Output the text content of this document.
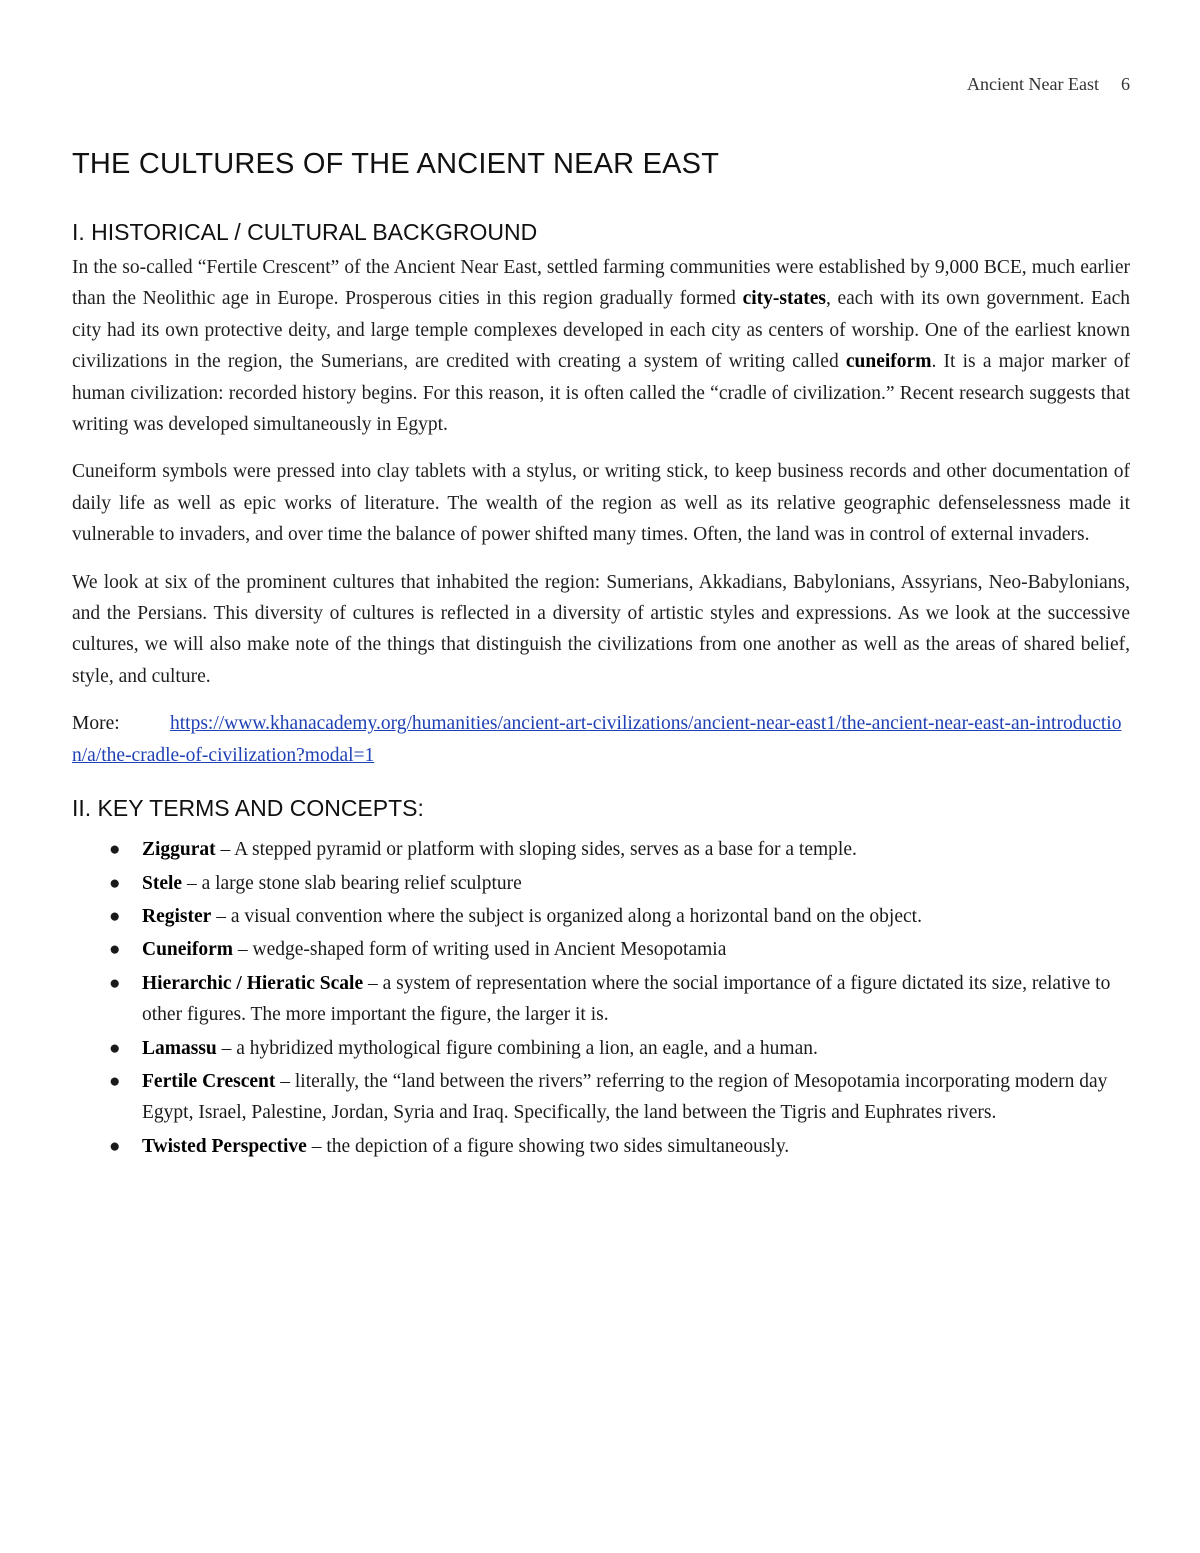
Ancient Near East 6
THE CULTURES OF THE ANCIENT NEAR EAST
I. HISTORICAL / CULTURAL BACKGROUND

In the so-called “Fertile Crescent” of the Ancient Near East, settled farming communities were established by 9,000 BCE, much earlier than the Neolithic age in Europe. Prosperous cities in this region gradually formed city-states, each with its own government. Each city had its own protective deity, and large temple complexes developed in each city as centers of worship. One of the earliest known civilizations in the region, the Sumerians, are credited with creating a system of writing called cuneiform. It is a major marker of human civilization: recorded history begins. For this reason, it is often called the “cradle of civilization.” Recent research suggests that writing was developed simultaneously in Egypt.

Cuneiform symbols were pressed into clay tablets with a stylus, or writing stick, to keep business records and other documentation of daily life as well as epic works of literature. The wealth of the region as well as its relative geographic defenselessness made it vulnerable to invaders, and over time the balance of power shifted many times. Often, the land was in control of external invaders.

We look at six of the prominent cultures that inhabited the region: Sumerians, Akkadians, Babylonians, Assyrians, Neo-Babylonians, and the Persians. This diversity of cultures is reflected in a diversity of artistic styles and expressions. As we look at the successive cultures, we will also make note of the things that distinguish the civilizations from one another as well as the areas of shared belief, style, and culture.

More:	https://www.khanacademy.org/humanities/ancient-art-civilizations/ancient-near-east1/the-ancient-near-east-an-introduction/a/the-cradle-of-civilization?modal=1
II. KEY TERMS AND CONCEPTS:
● Ziggurat – A stepped pyramid or platform with sloping sides, serves as a base for a temple.
● Stele – a large stone slab bearing relief sculpture
● Register – a visual convention where the subject is organized along a horizontal band on the object.
● Cuneiform – wedge-shaped form of writing used in Ancient Mesopotamia
● Hierarchic / Hieratic Scale – a system of representation where the social importance of a figure dictated its size, relative to other figures. The more important the figure, the larger it is.
● Lamassu – a hybridized mythological figure combining a lion, an eagle, and a human.
● Fertile Crescent – literally, the “land between the rivers” referring to the region of Mesopotamia incorporating modern day Egypt, Israel, Palestine, Jordan, Syria and Iraq. Specifically, the land between the Tigris and Euphrates rivers.
● Twisted Perspective – the depiction of a figure showing two sides simultaneously.
